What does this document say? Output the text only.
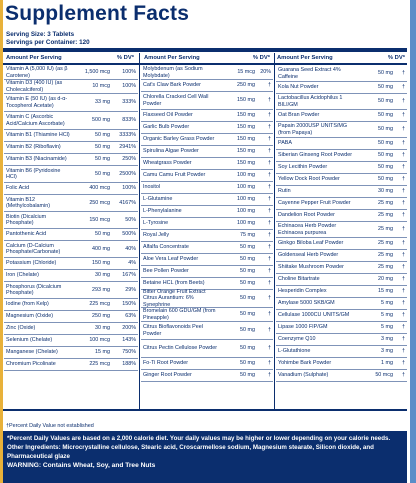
Supplement Facts
Serving Size: 3 Tablets
Servings per Container: 120
Amount Per Serving	% DV* Amount Per Serving	% DV* Amount Per Serving	% DV*
Vitamin A (5,000 IU) (as β Carotene)
1,500 mcg	100%
Vitamin D3 (400 IU) (as Cholecalciferol)
10 mcg	100%
Vitamin E (50 IU) (as d-α-Tocopherol Acetate)
33 mg	333%
Vitamin C (Ascorbic Acid/Calcium Ascorbate)
500 mg	833%
Vitamin B1 (Thiamine HCl)	50 mg	3333%
Vitamin B2 (Riboflavin)	50 mg	2941%
Vitamin B3 (Niacinamide)	50 mg	250%
Vitamin B6 (Pyridoxine HCl)
50 mg	2500%
Folic Acid	400 mcg	100%
Vitamin B12 (Methylcobalamin)
250 mcg	4167%
Biotin (Dicalcium Phosphate)
150 mcg	50%
Pantothenic Acid	50 mg	500%
Calcium (D-Calcium Phosphate/Carbonate)
400 mg	40%
Potassium (Chloride)	150 mg	4%
Iron (Chelate)	30 mg	167%
Phosphorus (Dicalcium Phosphate)
293 mg	29%
Iodine (from Kelp)	225 mcg	150%
Magnesium (Oxide)	250 mg	63%
Zinc (Oxide)	30 mg	200%
Selenium (Chelate)	100 mcg	143%
Manganese (Chelate)	15 mg	750%
Chromium Picolinate	225 mcg	188%
Molybdenum (as Sodium Molybdate)
15 mcg 20%
Cat's Claw Bark Powder	250 mg	†
Chlorella Cracked Cell Wall Powder
150 mg	†
Flaxseed Oil Powder	150 mg	†
Garlic Bulb Powder	150 mg	†
Organic Barley Grass Powder	150 mg	†
Spirulina Algae Powder	150 mg	†
Wheatgrass Powder	150 mg	†
Camu Camu Fruit Powder	100 mg	†
Inositol	100 mg	†
L-Glutamine	100 mg	†
L-Phenylalanine	100 mg	†
L-Tyrosine	100 mg	†
Royal Jelly	75 mg	†
Alfalfa Concentrate	50 mg	†
Aloe Vera Leaf Powder	50 mg	†
Bee Pollen Powder	50 mg	†
Betaine HCL (from Beets)	50 mg	†
Bitter Orange Fruit Extract Citrus Aurantium: 6% Synephrine
50 mg	†
Bromelain 600 GDU/GM (from Pineapple)
50 mg	†
Citrus Bioflavonoids Peel Powder
50 mg	†
Citrus Pectin Cellulose Powder	50 mg	†
Fo-Ti Root Powder	50 mg	†
Ginger Root Powder	50 mg	†
Guarana Seed Extract 4% Caffeine
50 mg	†
Kola Nut Powder	50 mg	†
Lactobacillus Acidophilus 1 BILI/GM
50 mg	†
Oat Bran Powder	50 mg	†
Papain 2000USP UNITS/MG (from Papaya)
50 mg	†
PABA	50 mg	†
Siberian Ginseng Root Powder	50 mg	†
Soy Lecithin Powder	50 mg	†
Yellow Dock Root Powder	50 mg	†
Rutin	30 mg	†
Cayenne Pepper Fruit Powder	25 mg	†
Dandelion Root Powder	25 mg	†
Echinacea Herb Powder Echinacea purpurea
25 mg	†
Ginkgo Biloba Leaf Powder	25 mg	†
Goldenseal Herb Powder	25 mg	†
Shiitake Mushroom Powder	25 mg	†
Choline Bitartrate	20 mg	†
Hesperidin Complex	15 mg	†
Amylase 5000 SKB/GM	5 mg	†
Cellulase 1000CU UNITS/GM	5 mg	†
Lipase 1000 FIP/GM	5 mg	†
Coenzyme Q10	3 mg	†
L-Glutathione	3 mg	†
Yohimbe Bark Powder	1 mg	†
Vanadium (Sulphate)	50 mcg	†
†Percent Daily Value not established

*Percent Daily Values are based on a 2,000 calorie diet. Your daily values may be higher or lower depending on your calorie needs.

Other Ingredients: Microcrystalline cellulose, Stearic acid, Croscarmellose sodium, Magnesium stearate, Silicon dioxide, and Pharmaceutical glaze

WARNING: Contains Wheat, Soy, and Tree Nuts
